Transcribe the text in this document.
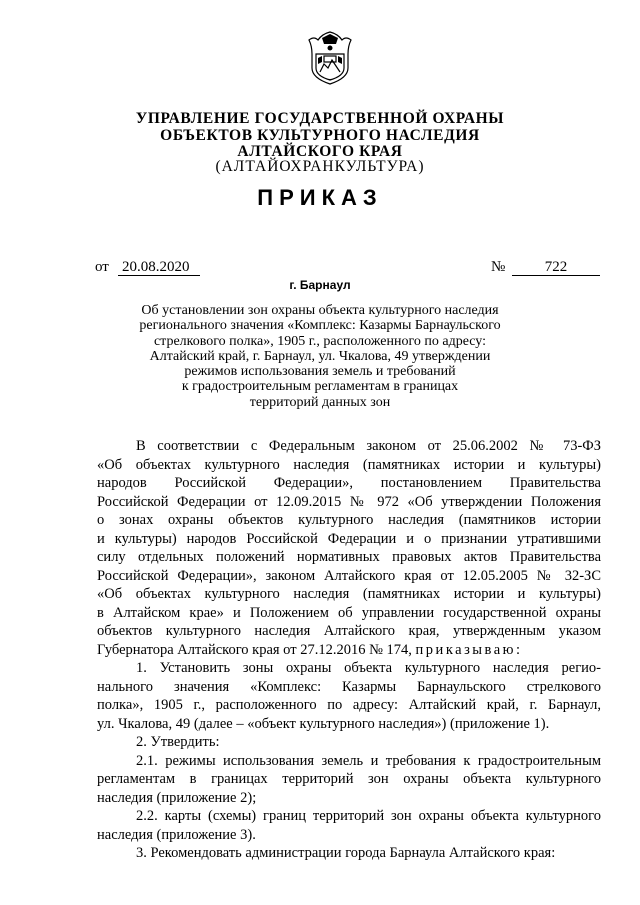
УПРАВЛЕНИЕ ГОСУДАРСТВЕННОЙ ОХРАНЫ
ОБЪЕКТОВ КУЛЬТУРНОГО НАСЛЕДИЯ
АЛТАЙСКОГО КРАЯ
(АЛТАЙОХРАНКУЛЬТУРА)
ПРИКАЗ
от 20.08.2020	№	722
г. Барнаул
Об установлении зон охраны объекта культурного наследия
регионального значения «Комплекс: Казармы Барнаульского
стрелкового полка», 1905 г., расположенного по адресу:
Алтайский край, г. Барнаул, ул. Чкалова, 49 утверждении
режимов использования земель и требований
к градостроительным регламентам в границах
территорий данных зон
В соответствии с Федеральным законом от 25.06.2002 № 73-ФЗ
«Об объектах культурного наследия (памятниках истории и культуры)
народов Российской Федерации», постановлением Правительства
Российской Федерации от 12.09.2015 № 972 «Об утверждении Положения
о зонах охраны объектов культурного наследия (памятников истории
и культуры) народов Российской Федерации и о признании утратившими
силу отдельных положений нормативных правовых актов Правительства
Российской Федерации», законом Алтайского края от 12.05.2005 № 32-ЗС
«Об объектах культурного наследия (памятниках истории и культуры)
в Алтайском крае» и Положением об управлении государственной охраны
объектов культурного наследия Алтайского края, утвержденным указом
Губернатора Алтайского края от 27.12.2016 № 174, приказываю:
1. Установить зоны охраны объекта культурного наследия регио-
нального значения «Комплекс: Казармы Барнаульского стрелкового
полка», 1905 г., расположенного по адресу: Алтайский край, г. Барнаул,
ул. Чкалова, 49 (далее – «объект культурного наследия») (приложение 1).
2. Утвердить:
2.1. режимы использования земель и требования к градостроительным
регламентам в границах территорий зон охраны объекта культурного
наследия (приложение 2);
2.2. карты (схемы) границ территорий зон охраны объекта культурного
наследия (приложение 3).
3. Рекомендовать администрации города Барнаула Алтайского края:
